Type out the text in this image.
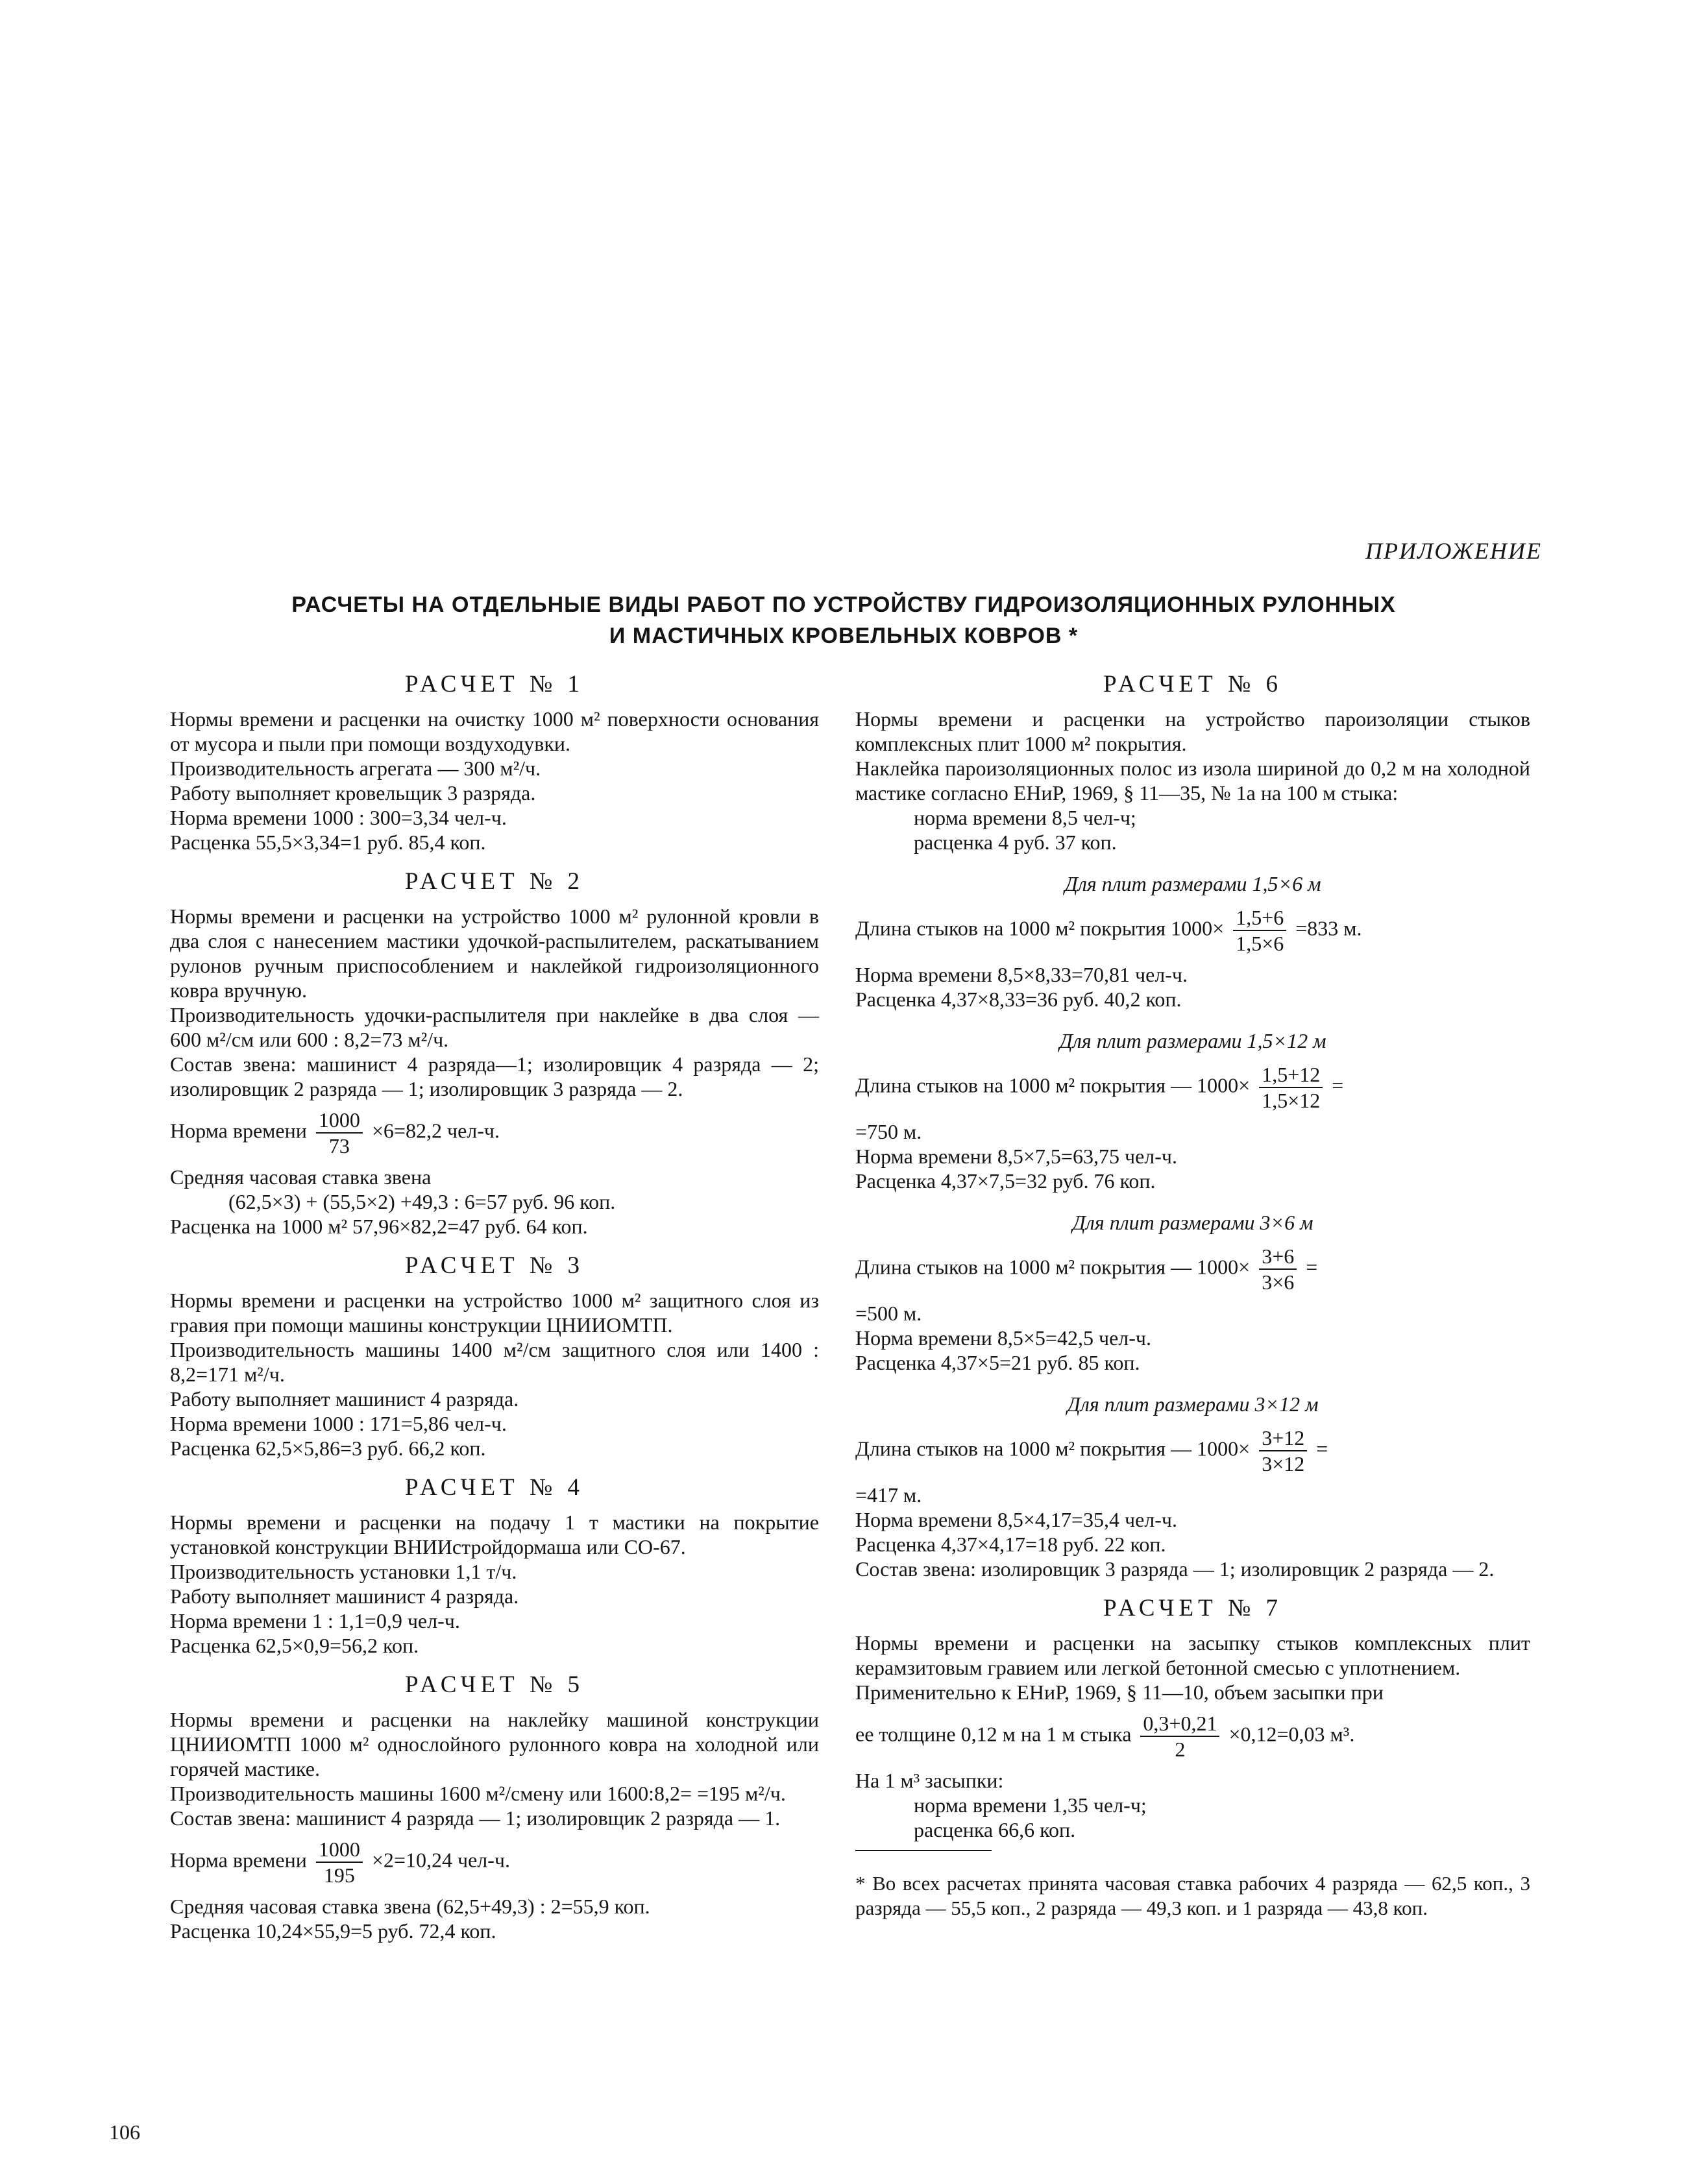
ПРИЛОЖЕНИЕ
РАСЧЕТЫ НА ОТДЕЛЬНЫЕ ВИДЫ РАБОТ ПО УСТРОЙСТВУ ГИДРОИЗОЛЯЦИОННЫХ РУЛОННЫХ
И МАСТИЧНЫХ КРОВЕЛЬНЫХ КОВРОВ *
РАСЧЕТ № 1

Нормы времени и расценки на очистку 1000 м² поверхности основания от мусора и пыли при помощи воздуходувки.

Производительность агрегата — 300 м²/ч.

Работу выполняет кровельщик 3 разряда.

Норма времени 1000 : 300=3,34 чел-ч.

Расценка 55,5×3,34=1 руб. 85,4 коп.

РАСЧЕТ № 2

Нормы времени и расценки на устройство 1000 м² рулонной кровли в два слоя с нанесением мастики удочкой-распылителем, раскатыванием рулонов ручным приспособлением и наклейкой гидроизоляционного ковра вручную.

Производительность удочки-распылителя при наклейке в два слоя — 600 м²/см или 600 : 8,2=73 м²/ч.

Состав звена: машинист 4 разряда—1; изолировщик 4 разряда — 2; изолировщик 2 разряда — 1; изолировщик 3 разряда — 2.

Норма времени $\frac{1000}{73} \times 6=82,2$ чел-ч.

Средняя часовая ставка звена

(62,5×3) + (55,5×2) +49,3 : 6=57 руб. 96 коп.

Расценка на 1000 м² 57,96×82,2=47 руб. 64 коп.

РАСЧЕТ № 3

Нормы времени и расценки на устройство 1000 м² защитного слоя из гравия при помощи машины конструкции ЦНИИОМТП.

Производительность машины 1400 м²/см защитного слоя или 1400 : 8,2=171 м²/ч.

Работу выполняет машинист 4 разряда.

Норма времени 1000 : 171=5,86 чел-ч.

Расценка 62,5×5,86=3 руб. 66,2 коп.

РАСЧЕТ № 4

Нормы времени и расценки на подачу 1 т мастики на покрытие установкой конструкции ВНИИстройдормаша или СО-67.

Производительность установки 1,1 т/ч.

Работу выполняет машинист 4 разряда.

Норма времени 1 : 1,1=0,9 чел-ч.

Расценка 62,5×0,9=56,2 коп.

РАСЧЕТ № 5

Нормы времени и расценки на наклейку машиной конструкции ЦНИИОМТП 1000 м² однослойного рулонного ковра на холодной или горячей мастике.

Производительность машины 1600 м²/смену или 1600:8,2= =195 м²/ч.

Состав звена: машинист 4 разряда — 1; изолировщик 2 разряда — 1.

Норма времени $\frac{1000}{195} \times 2=10,24$ чел-ч.

Средняя часовая ставка звена (62,5+49,3) : 2=55,9 коп.

Расценка 10,24×55,9=5 руб. 72,4 коп.

РАСЧЕТ № 6

Нормы времени и расценки на устройство пароизоляции стыков комплексных плит 1000 м² покрытия.

Наклейка пароизоляционных полос из изола шириной до 0,2 м на холодной мастике согласно ЕНиР, 1969, § 11—35, № 1а на 100 м стыка:

норма времени 8,5 чел-ч;

расценка 4 руб. 37 коп.

Для плит размерами 1,5×6 м
Длина стыков на 1000 м² покрытия $1000\times \frac{1,5+6}{1,5\times 6} =833$ м.

Норма времени 8,5×8,33=70,81 чел-ч.

Расценка 4,37×8,33=36 руб. 40,2 коп.

Для плит размерами 1,5×12 м
Длина стыков на 1000 м² покрытия — $1000\times \frac{1,5+12}{1,5\times 12}$ =

=750 м.

Норма времени 8,5×7,5=63,75 чел-ч.

Расценка 4,37×7,5=32 руб. 76 коп.

Для плит размерами 3×6 м
Длина стыков на 1000 м² покрытия — $1000\times \frac{3+6}{3\times 6}$ =

=500 м.

Норма времени 8,5×5=42,5 чел-ч.

Расценка 4,37×5=21 руб. 85 коп.

Для плит размерами 3×12 м
Длина стыков на 1000 м² покрытия — $1000\times \frac{3+12}{3\times 12}$ =

=417 м.

Норма времени 8,5×4,17=35,4 чел-ч.

Расценка 4,37×4,17=18 руб. 22 коп.

Состав звена: изолировщик 3 разряда — 1; изолировщик 2 разряда — 2.

РАСЧЕТ № 7

Нормы времени и расценки на засыпку стыков комплексных плит керамзитовым гравием или легкой бетонной смесью с уплотнением.

Применительно к ЕНиР, 1969, § 11—10, объем засыпки при

ее толщине 0,12 м на 1 м стыка $\frac{0,3+0,21}{2} \times 0,12=0,03$ м³.

На 1 м³ засыпки:

норма времени 1,35 чел-ч;

расценка 66,6 коп.

* Во всех расчетах принята часовая ставка рабочих 4 разряда — 62,5 коп., 3 разряда — 55,5 коп., 2 разряда — 49,3 коп. и 1 разряда — 43,8 коп.

106
